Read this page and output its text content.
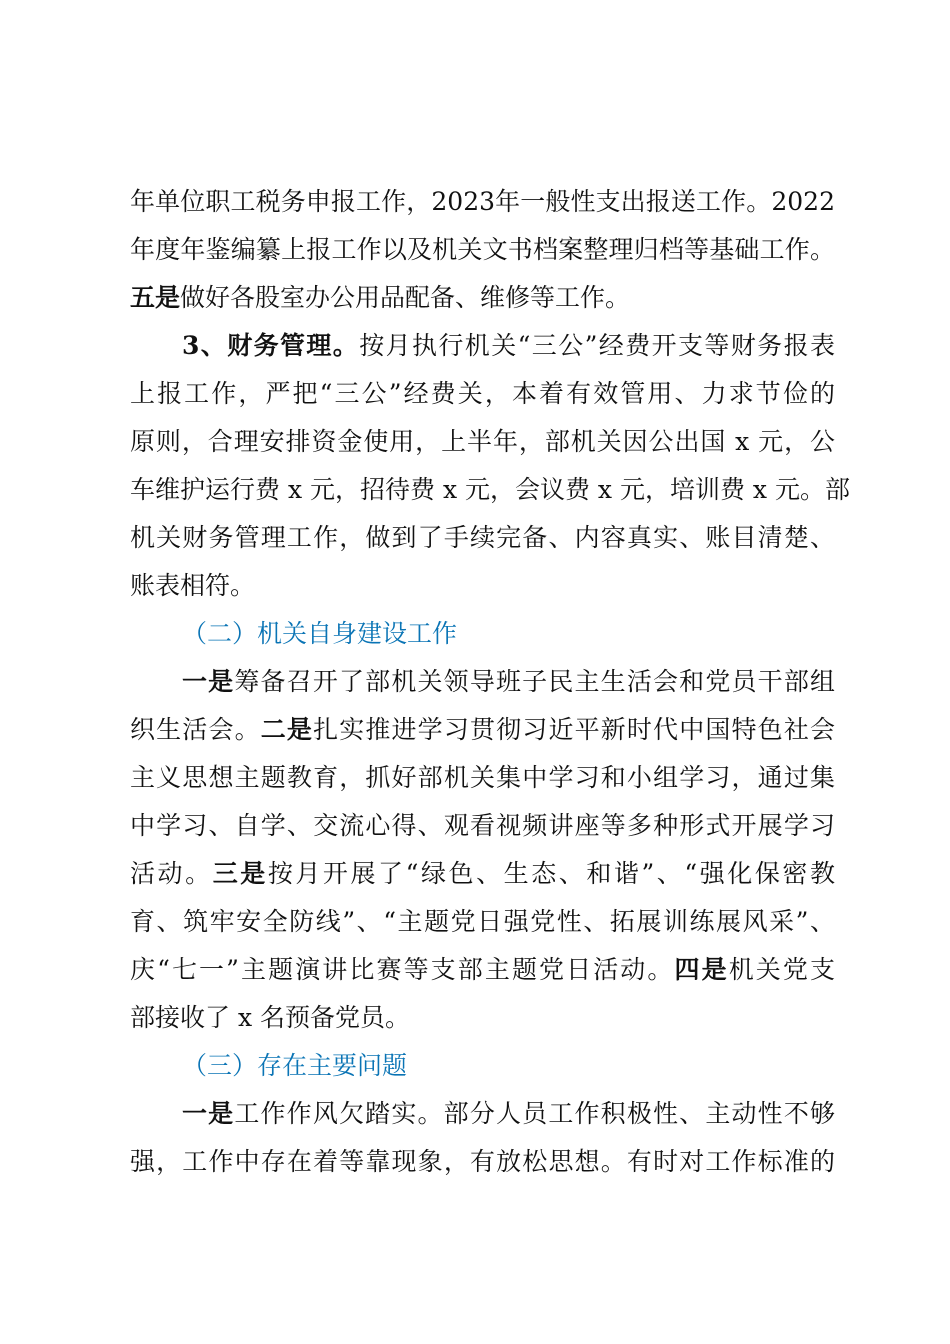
年单位职工税务申报工作，2023年一般性支出报送工作。2022
年度年鉴编纂上报工作以及机关文书档案整理归档等基础工作。
五是做好各股室办公用品配备、维修等工作。
3、财务管理。按月执行机关“三公”经费开支等财务报表
上报工作，严把“三公”经费关，本着有效管用、力求节俭的
原则，合理安排资金使用，上半年，部机关因公出国 x 元，公
车维护运行费 x 元，招待费 x 元，会议费 x 元，培训费 x 元。部
机关财务管理工作，做到了手续完备、内容真实、账目清楚、
账表相符。
（二）机关自身建设工作
一是筹备召开了部机关领导班子民主生活会和党员干部组
织生活会。二是扎实推进学习贯彻习近平新时代中国特色社会
主义思想主题教育，抓好部机关集中学习和小组学习，通过集
中学习、自学、交流心得、观看视频讲座等多种形式开展学习
活动。三是按月开展了“绿色、生态、和谐”、“强化保密教
育、筑牢安全防线”、“主题党日强党性、拓展训练展风采”、
庆“七一”主题演讲比赛等支部主题党日活动。四是机关党支
部接收了 x 名预备党员。
（三）存在主要问题
一是工作作风欠踏实。部分人员工作积极性、主动性不够
强，工作中存在着等靠现象，有放松思想。有时对工作标准的
